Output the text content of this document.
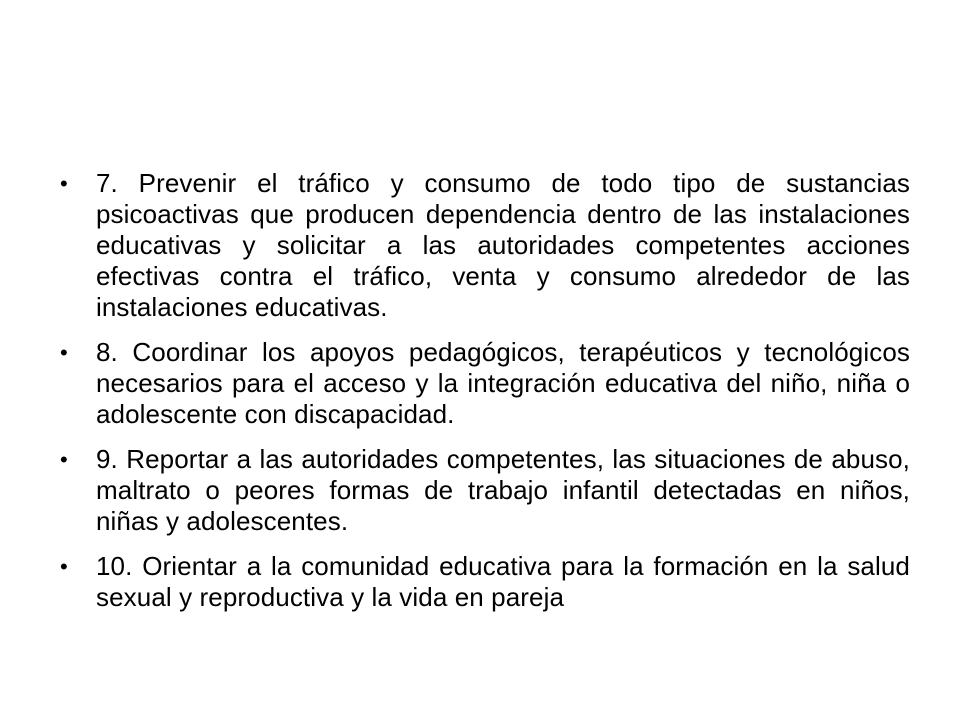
• 7. Prevenir el tráfico y consumo de todo tipo de sustancias psicoactivas que producen dependencia dentro de las instalaciones educativas y solicitar a las autoridades competentes acciones efectivas contra el tráfico, venta y consumo alrededor de las instalaciones educativas.
• 8. Coordinar los apoyos pedagógicos, terapéuticos y tecnológicos necesarios para el acceso y la integración educativa del niño, niña o adolescente con discapacidad.
• 9. Reportar a las autoridades competentes, las situaciones de abuso, maltrato o peores formas de trabajo infantil detectadas en niños, niñas y adolescentes.
• 10. Orientar a la comunidad educativa para la formación en la salud sexual y reproductiva y la vida en pareja
